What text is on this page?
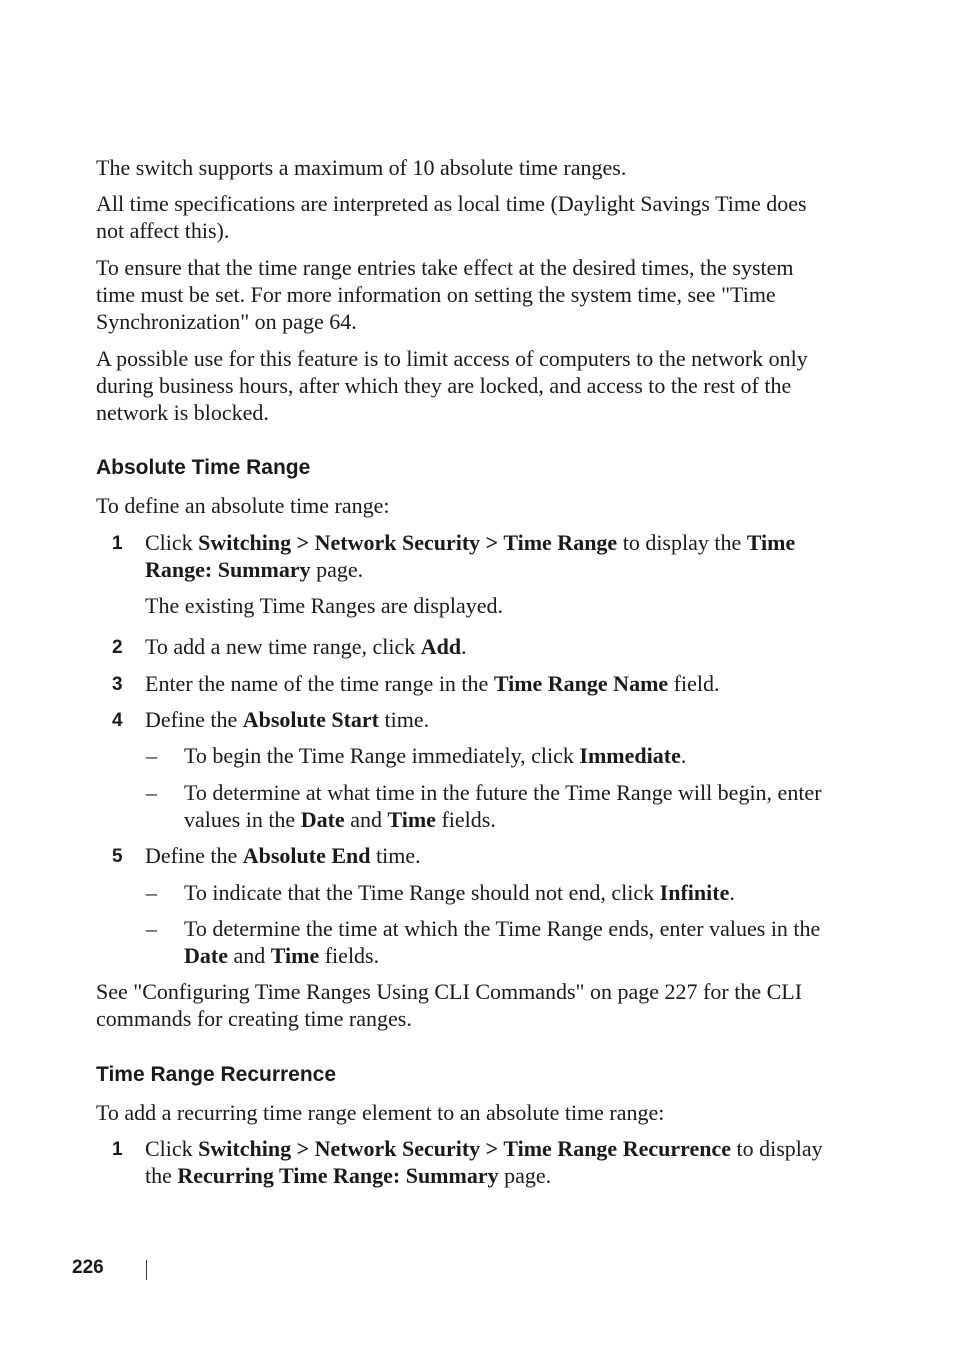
The switch supports a maximum of 10 absolute time ranges.

All time specifications are interpreted as local time (Daylight Savings Time does not affect this).

To ensure that the time range entries take effect at the desired times, the system time must be set. For more information on setting the system time, see "Time Synchronization" on page 64.

A possible use for this feature is to limit access of computers to the network only during business hours, after which they are locked, and access to the rest of the network is blocked.

Absolute Time Range

To define an absolute time range:

1 Click Switching > Network Security > Time Range to display the Time Range: Summary page.

The existing Time Ranges are displayed.

2 To add a new time range, click Add.

3 Enter the name of the time range in the Time Range Name field.

4 Define the Absolute Start time.

– To begin the Time Range immediately, click Immediate.

– To determine at what time in the future the Time Range will begin, enter values in the Date and Time fields.

5 Define the Absolute End time.

– To indicate that the Time Range should not end, click Infinite.

– To determine the time at which the Time Range ends, enter values in the Date and Time fields.

See "Configuring Time Ranges Using CLI Commands" on page 227 for the CLI commands for creating time ranges.

Time Range Recurrence

To add a recurring time range element to an absolute time range:

1 Click Switching > Network Security > Time Range Recurrence to display the Recurring Time Range: Summary page.

226
